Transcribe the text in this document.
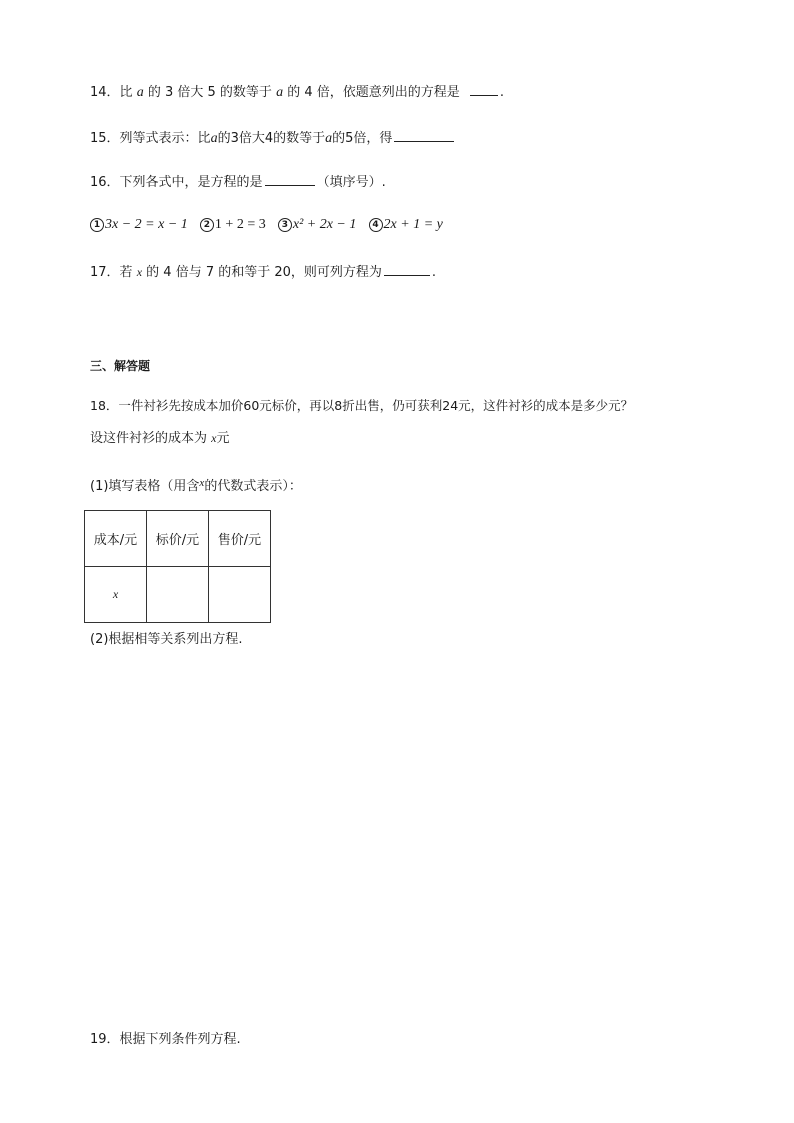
14．比 a 的 3 倍大 5 的数等于 a 的 4 倍，依题意列出的方程是	.
15．列等式表示：比a的3倍大4的数等于a的5倍，得
16．下列各式中，是方程的是	（填序号）.
1 3x − 2 = x − 1 2 1 + 2 = 3 3 x² + 2x − 1 4 2x + 1 = y
17．若 x 的 4 倍与 7 的和等于 20，则可列方程为	.
三、解答题
18．一件衬衫先按成本加价60元标价，再以8折出售，仍可获利24元，这件衬衫的成本是多少元？
设这件衬衫的成本为 x元
(1)填写表格（用含$^x$的代数式表示）：
成本/元	标价/元	售价/元
x		
(2)根据相等关系列出方程.
19．根据下列条件列方程.
